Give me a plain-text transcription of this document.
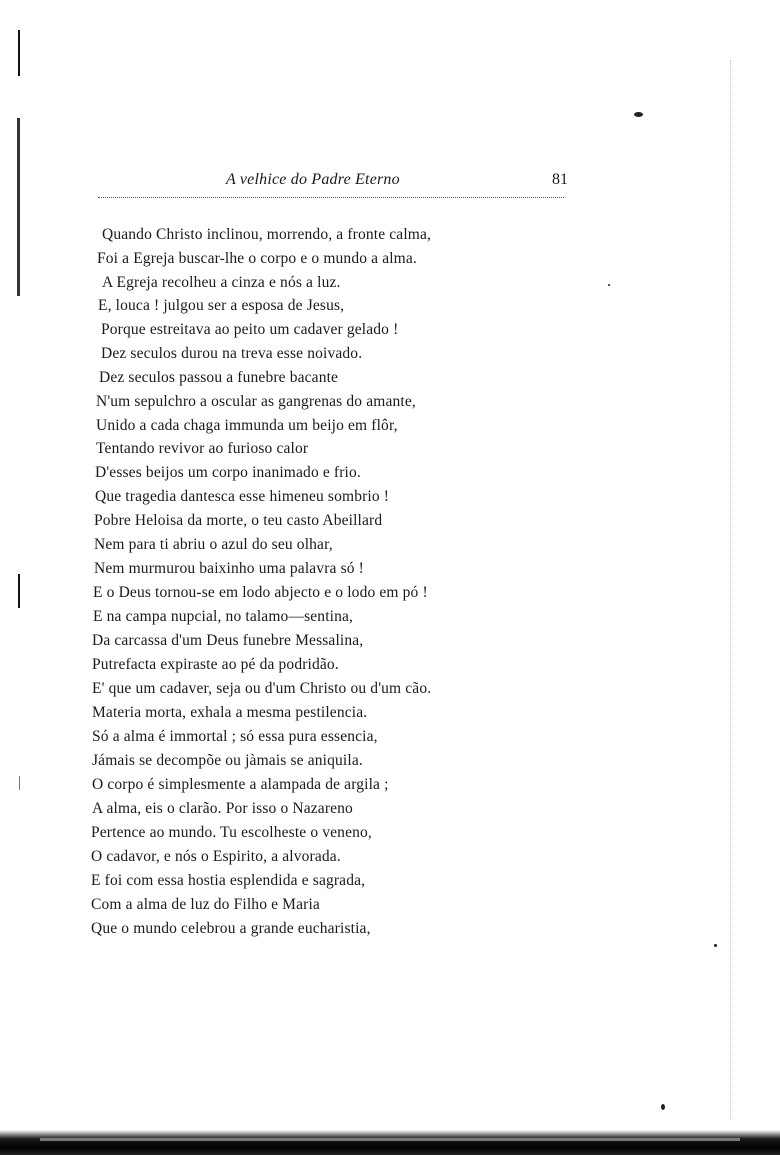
A velhice do Padre Eterno	81
Quando Christo inclinou, morrendo, a fronte calma,
Foi a Egreja buscar-lhe o corpo e o mundo a alma.
A Egreja recolheu a cinza e nós a luz.
E, louca ! julgou ser a esposa de Jesus,
Porque estreitava ao peito um cadaver gelado !
Dez seculos durou na treva esse noivado.
Dez seculos passou a funebre bacante
N'um sepulchro a oscular as gangrenas do amante,
Unido a cada chaga immunda um beijo em flôr,
Tentando revivor ao furioso calor
D'esses beijos um corpo inanimado e frio.
Que tragedia dantesca esse himeneu sombrio !
Pobre Heloisa da morte, o teu casto Abeillard
Nem para ti abriu o azul do seu olhar,
Nem murmurou baixinho uma palavra só !
E o Deus tornou-se em lodo abjecto e o lodo em pó !
E na campa nupcial, no talamo—sentina,
Da carcassa d'um Deus funebre Messalina,
Putrefacta expiraste ao pé da podridão.
E' que um cadaver, seja ou d'um Christo ou d'um cão.
Materia morta, exhala a mesma pestilencia.
Só a alma é immortal ; só essa pura essencia,
Jámais se decompõe ou jàmais se aniquila.
O corpo é simplesmente a alampada de argila ;
A alma, eis o clarão. Por isso o Nazareno
Pertence ao mundo. Tu escolheste o veneno,
O cadavor, e nós o Espirito, a alvorada.
E foi com essa hostia esplendida e sagrada,
Com a alma de luz do Filho e Maria
Que o mundo celebrou a grande eucharistia,
